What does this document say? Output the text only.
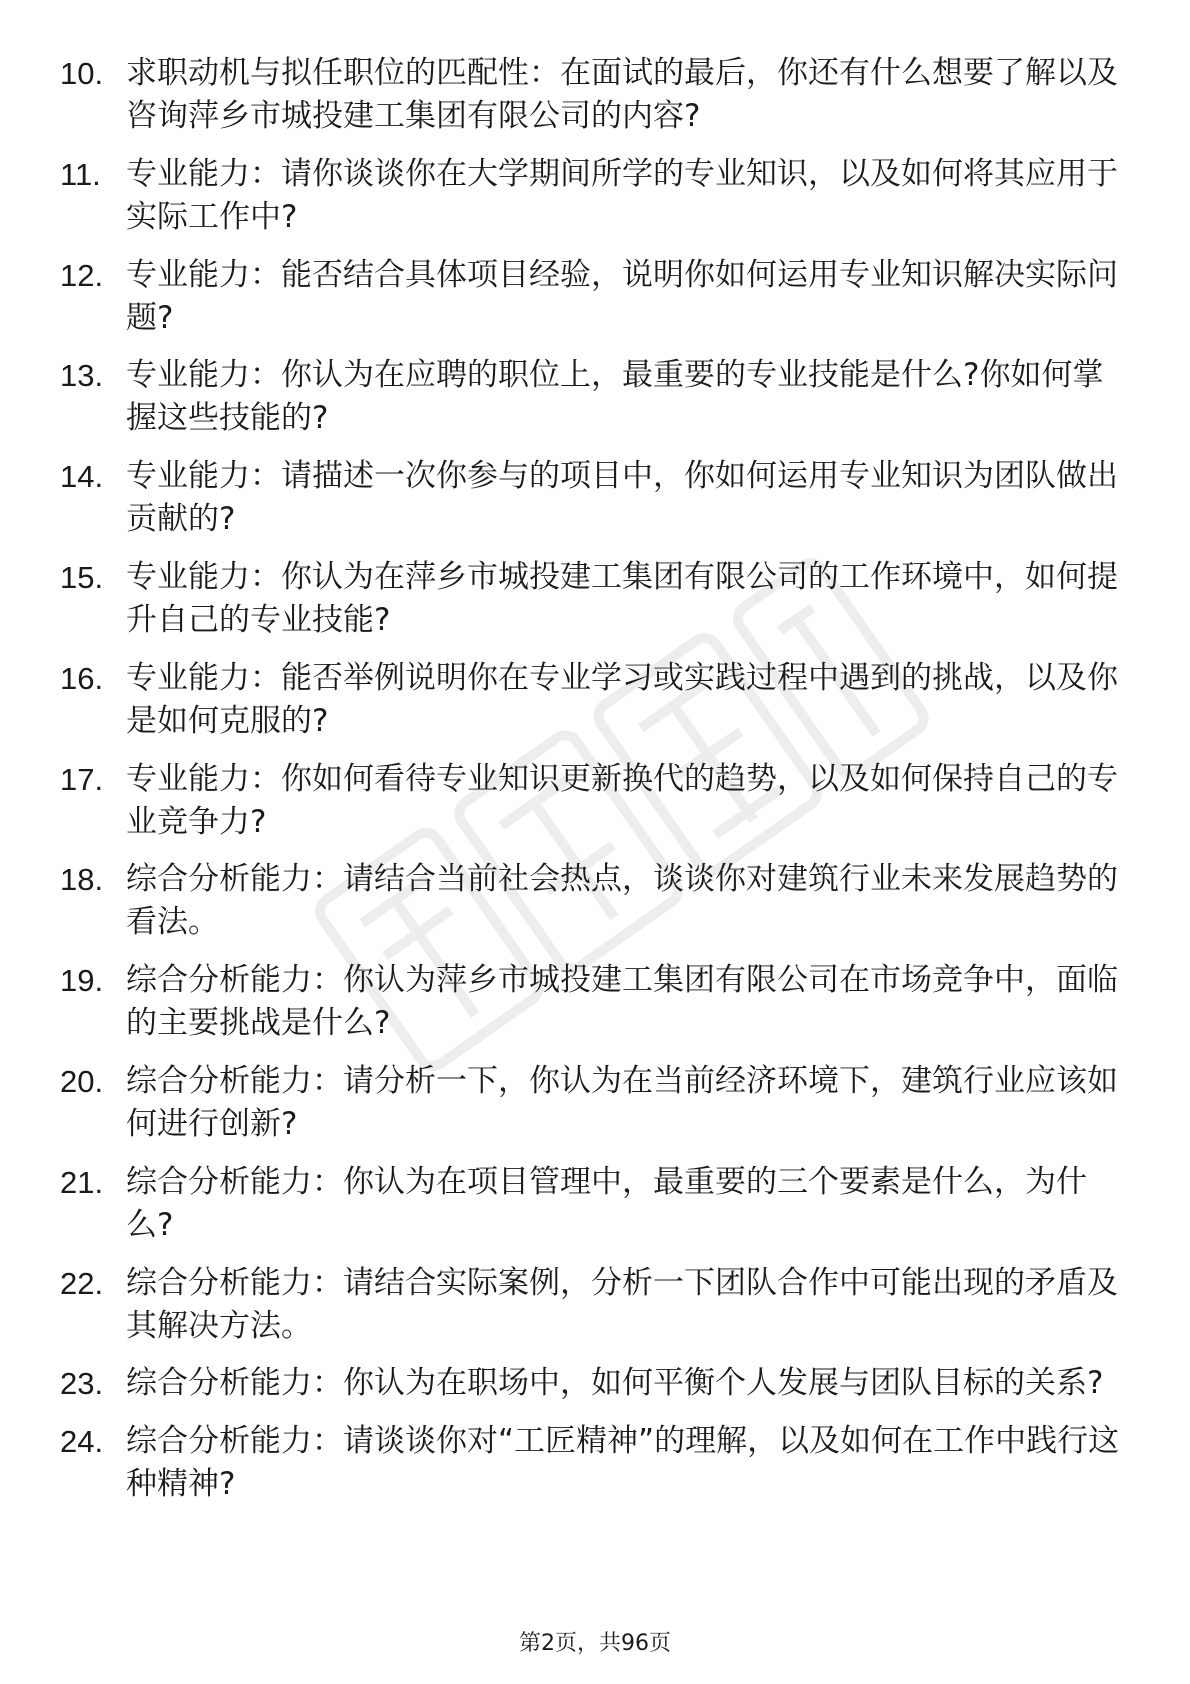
10. 求职动机与拟任职位的匹配性：在面试的最后，你还有什么想要了解以及咨询萍乡市城投建工集团有限公司的内容?
11. 专业能力：请你谈谈你在大学期间所学的专业知识，以及如何将其应用于实际工作中?
12. 专业能力：能否结合具体项目经验，说明你如何运用专业知识解决实际问题?
13. 专业能力：你认为在应聘的职位上，最重要的专业技能是什么?你如何掌握这些技能的?
14. 专业能力：请描述一次你参与的项目中，你如何运用专业知识为团队做出贡献的?
15. 专业能力：你认为在萍乡市城投建工集团有限公司的工作环境中，如何提升自己的专业技能?
16. 专业能力：能否举例说明你在专业学习或实践过程中遇到的挑战，以及你是如何克服的?
17. 专业能力：你如何看待专业知识更新换代的趋势，以及如何保持自己的专业竞争力?
18. 综合分析能力：请结合当前社会热点，谈谈你对建筑行业未来发展趋势的看法。
19. 综合分析能力：你认为萍乡市城投建工集团有限公司在市场竞争中，面临的主要挑战是什么?
20. 综合分析能力：请分析一下，你认为在当前经济环境下，建筑行业应该如何进行创新?
21. 综合分析能力：你认为在项目管理中，最重要的三个要素是什么，为什么?
22. 综合分析能力：请结合实际案例，分析一下团队合作中可能出现的矛盾及其解决方法。
23. 综合分析能力：你认为在职场中，如何平衡个人发展与团队目标的关系?
24. 综合分析能力：请谈谈你对“工匠精神”的理解，以及如何在工作中践行这种精神?
第2页，共96页
